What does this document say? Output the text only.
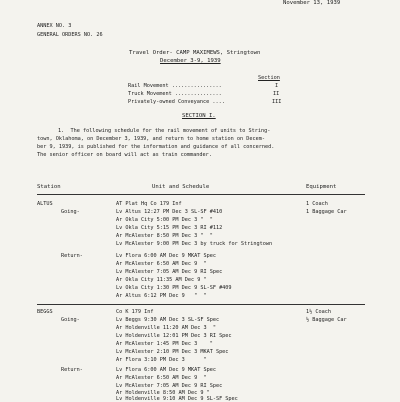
November 13, 1939
ANNEX NO. 3
GENERAL ORDERS NO. 26
Travel Order- CAMP MAXIMEWS, Stringtown
December 3-9, 1939
Section
Rail Movement ................	I
Truck Movement ...............	II
Privately-owned Conveyance ....	III
SECTION I.
1.  The following schedule for the rail movement of units to String-
town, Oklahoma, on December 3, 1939, and return to home station on Decem-
ber 9, 1939, is published for the information and guidance of all concerned.
The senior officer on board will act as train commander.
Station	Unit and Schedule	Equipment
ALTUS	AT Plat Hq Co 179 Inf	1 Coach
1 Baggage Car
Going-	Lv Altus 12:27 PM Dec 3 SL-SF #410
Ar Okla City 5:00 PM Dec 3 "  "
Lv Okla City 5:15 PM Dec 3 RI #112
Ar McAlester 8:50 PM Dec 3 "  "
Lv McAlester 9:00 PM Dec 3 by truck for Stringtown
Return-	Lv Flora 6:00 AM Dec 9 MKAT Spec
Ar McAlester 6:50 AM Dec 9  "
Lv McAlester 7:05 AM Dec 9 RI Spec
Ar Okla City 11:35 AM Dec 9 "
Lv Okla City 1:30 PM Dec 9 SL-SF #409
Ar Altus 6:12 PM Dec 9   "  "
BEGGS	Co K 179 Inf	1½ Coach
½ Baggage Car
Going-	Lv Beggs 9:30 AM Dec 3 SL-SF Spec
Ar Holdenville 11:20 AM Dec 3  "
Lv Holdenville 12:01 PM Dec 3 RI Spec
Ar McAlester 1:45 PM Dec 3    "
Lv McAlester 2:10 PM Dec 3 MKAT Spec
Ar Flora 3:10 PM Dec 3      "
Return-	Lv Flora 6:00 AM Dec 9 MKAT Spec
Ar McAlester 6:50 AM Dec 9  "
Lv McAlester 7:05 AM Dec 9 RI Spec
Ar Holdenville 8:50 AM Dec 9 "
Lv Holdenville 9:10 AM Dec 9 SL-SF Spec
